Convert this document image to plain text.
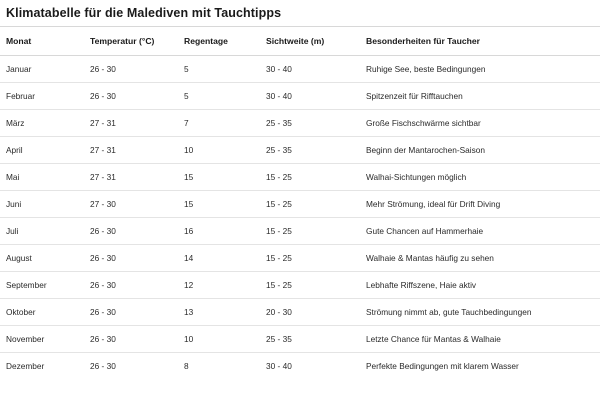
Klimatabelle für die Malediven mit Tauchtipps
Monat	Temperatur (°C)	Regentage	Sichtweite (m)	Besonderheiten für Taucher
Januar	26 - 30	5	30 - 40	Ruhige See, beste Bedingungen
Februar	26 - 30	5	30 - 40	Spitzenzeit für Rifftauchen
März	27 - 31	7	25 - 35	Große Fischschwärme sichtbar
April	27 - 31	10	25 - 35	Beginn der Mantarochen-Saison
Mai	27 - 31	15	15 - 25	Walhai-Sichtungen möglich
Juni	27 - 30	15	15 - 25	Mehr Strömung, ideal für Drift Diving
Juli	26 - 30	16	15 - 25	Gute Chancen auf Hammerhaie
August	26 - 30	14	15 - 25	Walhaie & Mantas häufig zu sehen
September	26 - 30	12	15 - 25	Lebhafte Riffszene, Haie aktiv
Oktober	26 - 30	13	20 - 30	Strömung nimmt ab, gute Tauchbedingungen
November	26 - 30	10	25 - 35	Letzte Chance für Mantas & Walhaie
Dezember	26 - 30	8	30 - 40	Perfekte Bedingungen mit klarem Wasser
